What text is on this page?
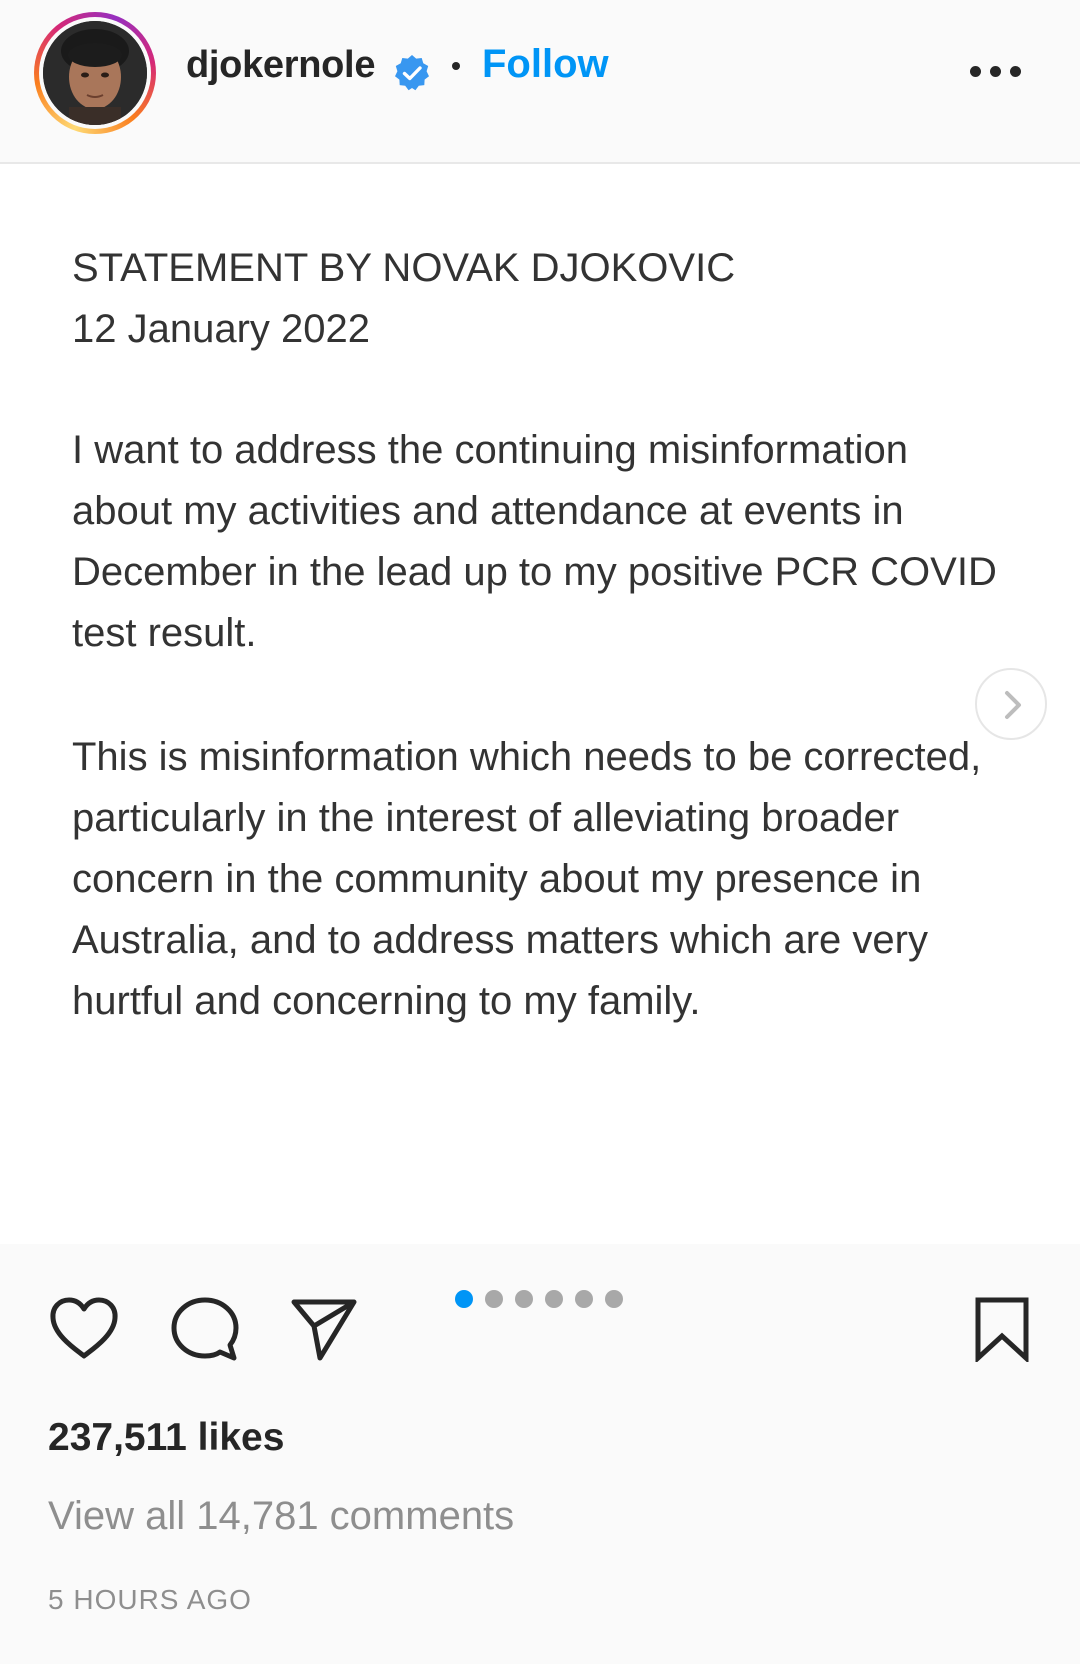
djokernole	Follow

STATEMENT BY NOVAK DJOKOVIC

12 January 2022

I want to address the continuing misinformation about my activities and attendance at events in December in the lead up to my positive PCR COVID test result.

This is misinformation which needs to be corrected, particularly in the interest of alleviating broader concern in the community about my presence in Australia, and to address matters which are very hurtful and concerning to my family.

237,511 likes
View all 14,781 comments
5 HOURS AGO
